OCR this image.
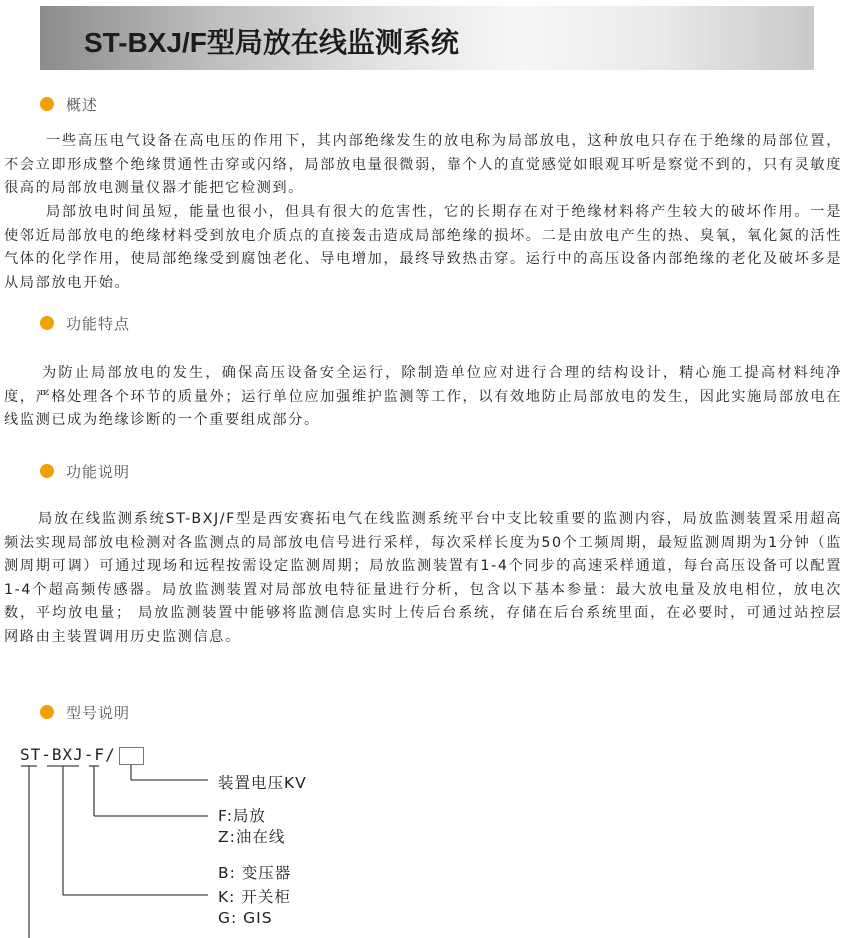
ST-BXJ/F型局放在线监测系统
概述

一些高压电气设备在高电压的作用下，其内部绝缘发生的放电称为局部放电，这种放电只存在于绝缘的局部位置，不会立即形成整个绝缘贯通性击穿或闪络，局部放电量很微弱，靠个人的直觉感觉如眼观耳听是察觉不到的，只有灵敏度很高的局部放电测量仪器才能把它检测到。

局部放电时间虽短，能量也很小，但具有很大的危害性，它的长期存在对于绝缘材料将产生较大的破坏作用。一是使邻近局部放电的绝缘材料受到放电介质点的直接轰击造成局部绝缘的损坏。二是由放电产生的热、臭氧，氧化氮的活性气体的化学作用，使局部绝缘受到腐蚀老化、导电增加，最终导致热击穿。运行中的高压设备内部绝缘的老化及破坏多是从局部放电开始。

功能特点

为防止局部放电的发生，确保高压设备安全运行，除制造单位应对进行合理的结构设计，精心施工提高材料纯净度，严格处理各个环节的质量外；运行单位应加强维护监测等工作，以有效地防止局部放电的发生，因此实施局部放电在线监测已成为绝缘诊断的一个重要组成部分。

功能说明

局放在线监测系统ST-BXJ/F型是西安赛拓电气在线监测系统平台中支比较重要的监测内容，局放监测装置采用超高频法实现局部放电检测对各监测点的局部放电信号进行采样，每次采样长度为50个工频周期，最短监测周期为1分钟（监测周期可调）可通过现场和远程按需设定监测周期；局放监测装置有1-4个同步的高速采样通道，每台高压设备可以配置1-4个超高频传感器。局放监测装置对局部放电特征量进行分析，包含以下基本参量：最大放电量及放电相位，放电次数，平均放电量； 局放监测装置中能够将监测信息实时上传后台系统，存储在后台系统里面，在必要时，可通过站控层网路由主装置调用历史监测信息。

型号说明
ST-BXJ-F/
装置电压KV
F:局放
Z:油在线
B: 变压器
K: 开关柜
G: GIS
